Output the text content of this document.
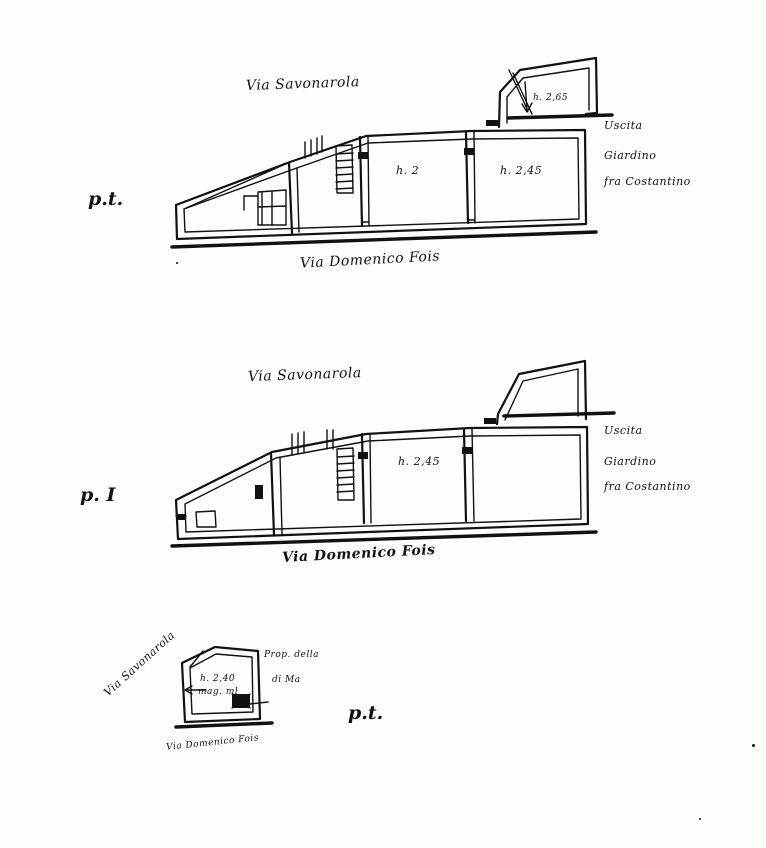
p.t.
Via Savonarola
Via Domenico Fois
h. 2	h. 2,45
h. 2,65
Uscita
Giardino
fra Costantino
p. I
Via Savonarola
Via Domenico Fois
h. 2,45
Uscita
Giardino
fra Costantino
p.t.
Via Savonarola
Via Domenico Fois
h. 2,40
mag. ml
Prop. della
di Ma
